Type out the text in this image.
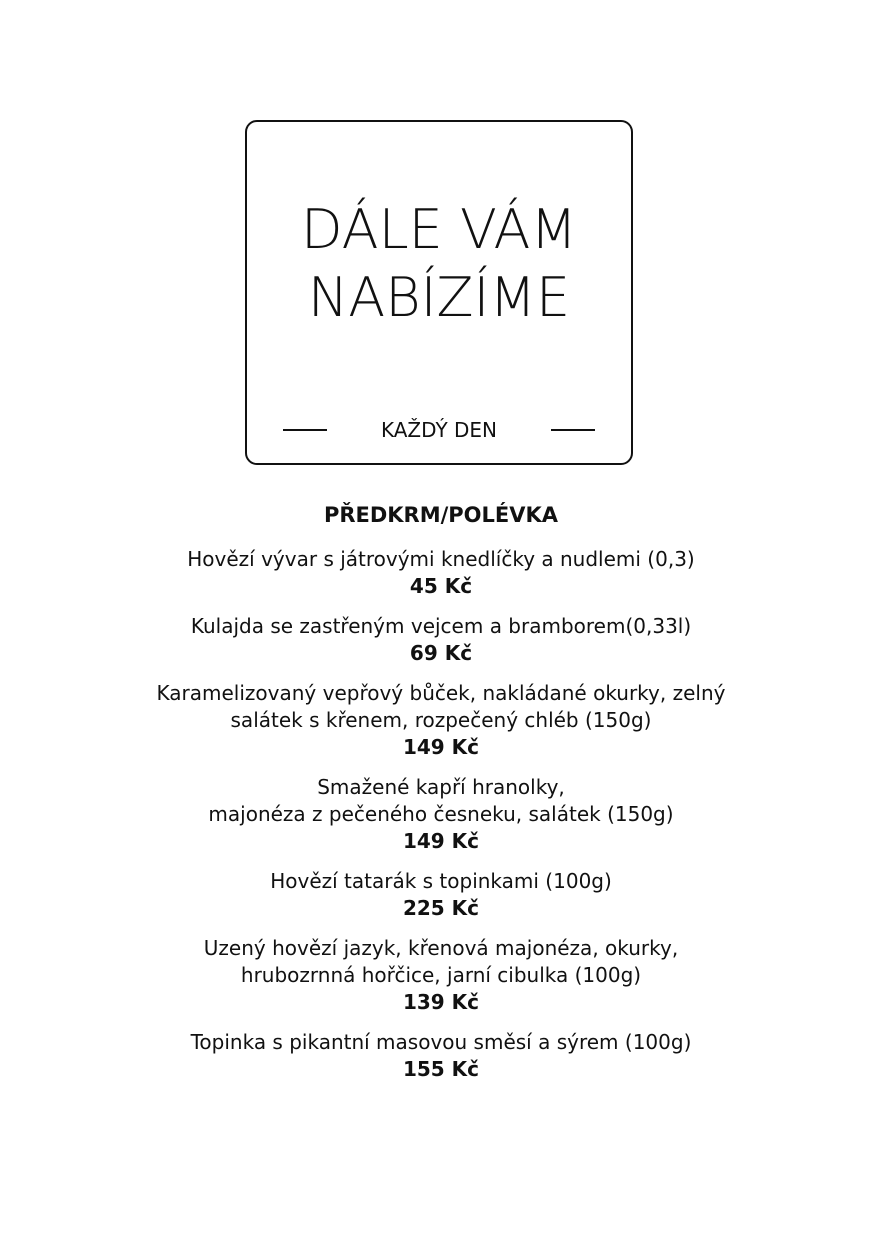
DÁLE VÁM
NABÍZÍME
KAŽDÝ DEN
PŘEDKRM/POLÉVKA
Hovězí vývar s játrovými knedlíčky a nudlemi (0,3)
45 Kč
Kulajda se zastřeným vejcem a bramborem(0,33l)
69 Kč
Karamelizovaný vepřový bůček, nakládané okurky, zelný
salátek s křenem, rozpečený chléb (150g)
149 Kč
Smažené kapří hranolky,
majonéza z pečeného česneku, salátek (150g)
149 Kč
Hovězí tatarák s topinkami (100g)
225 Kč
Uzený hovězí jazyk, křenová majonéza, okurky,
hrubozrnná hořčice, jarní cibulka (100g)
139 Kč
Topinka s pikantní masovou směsí a sýrem (100g)
155 Kč
